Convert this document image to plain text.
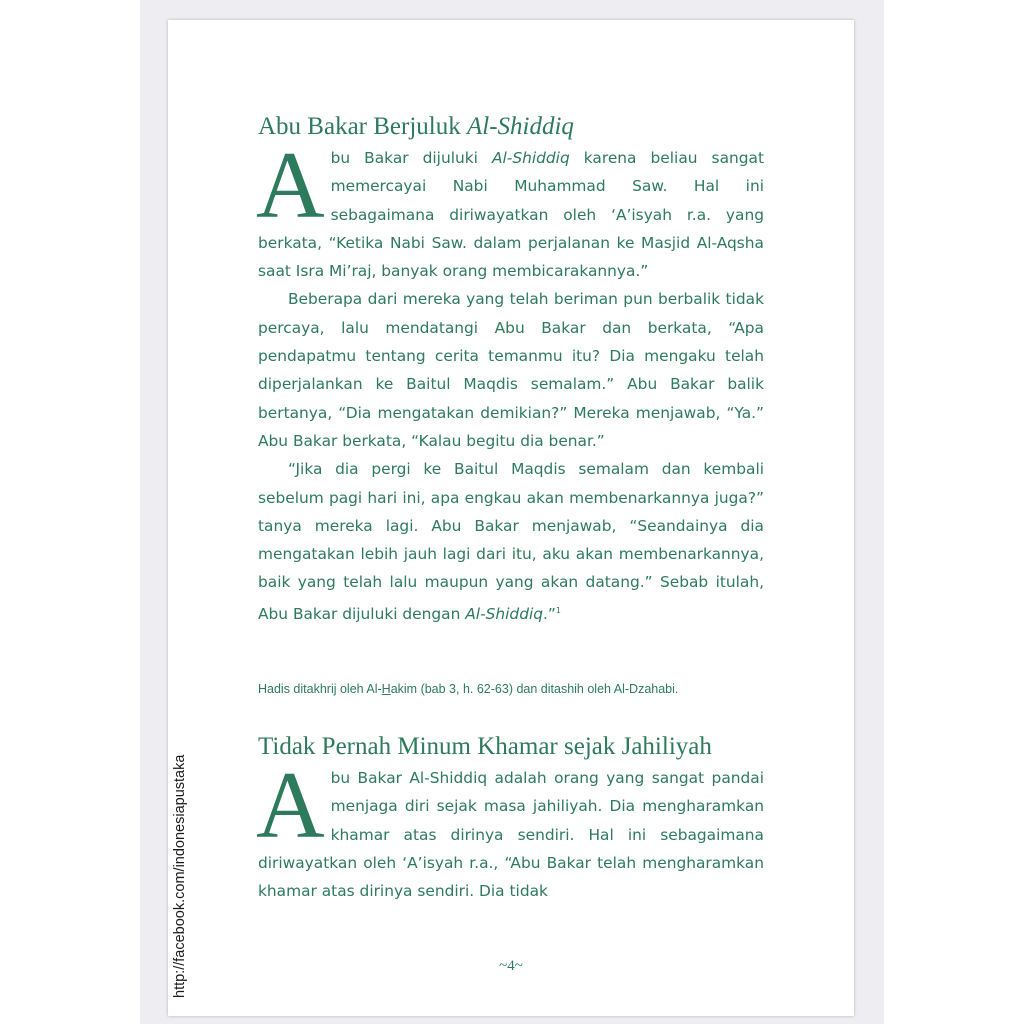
Abu Bakar Berjuluk Al-Shiddiq

Abu Bakar dijuluki Al-Shiddiq karena beliau sangat memercayai Nabi Muhammad Saw. Hal ini sebagaimana diriwayatkan oleh ‘A’isyah r.a. yang berkata, “Ketika Nabi Saw. dalam perjalanan ke Masjid Al-Aqsha saat Isra Mi’raj, banyak orang membicarakannya.”

Beberapa dari mereka yang telah beriman pun berbalik tidak percaya, lalu mendatangi Abu Bakar dan berkata, “Apa pendapatmu tentang cerita temanmu itu? Dia mengaku telah diperjalankan ke Baitul Maqdis semalam.” Abu Bakar balik bertanya, “Dia mengatakan demikian?” Mereka menjawab, “Ya.” Abu Bakar berkata, “Kalau begitu dia benar.”

“Jika dia pergi ke Baitul Maqdis semalam dan kembali sebelum pagi hari ini, apa engkau akan membenarkannya juga?” tanya mereka lagi. Abu Bakar menjawab, “Seandainya dia mengatakan lebih jauh lagi dari itu, aku akan membenarkannya, baik yang telah lalu maupun yang akan datang.” Sebab itulah, Abu Bakar dijuluki dengan Al-Shiddiq.”$^1$

Hadis ditakhrij oleh Al-Hakim (bab 3, h. 62-63) dan ditashih oleh Al-Dzahabi.
Tidak Pernah Minum Khamar sejak Jahiliyah

Abu Bakar Al-Shiddiq adalah orang yang sangat pandai menjaga diri sejak masa jahiliyah. Dia mengharamkan khamar atas dirinya sendiri. Hal ini sebagaimana diriwayatkan oleh ‘A’isyah r.a., “Abu Bakar telah mengharamkan khamar atas dirinya sendiri. Dia tidak

~4~
http://facebook.com/indonesiapustaka
